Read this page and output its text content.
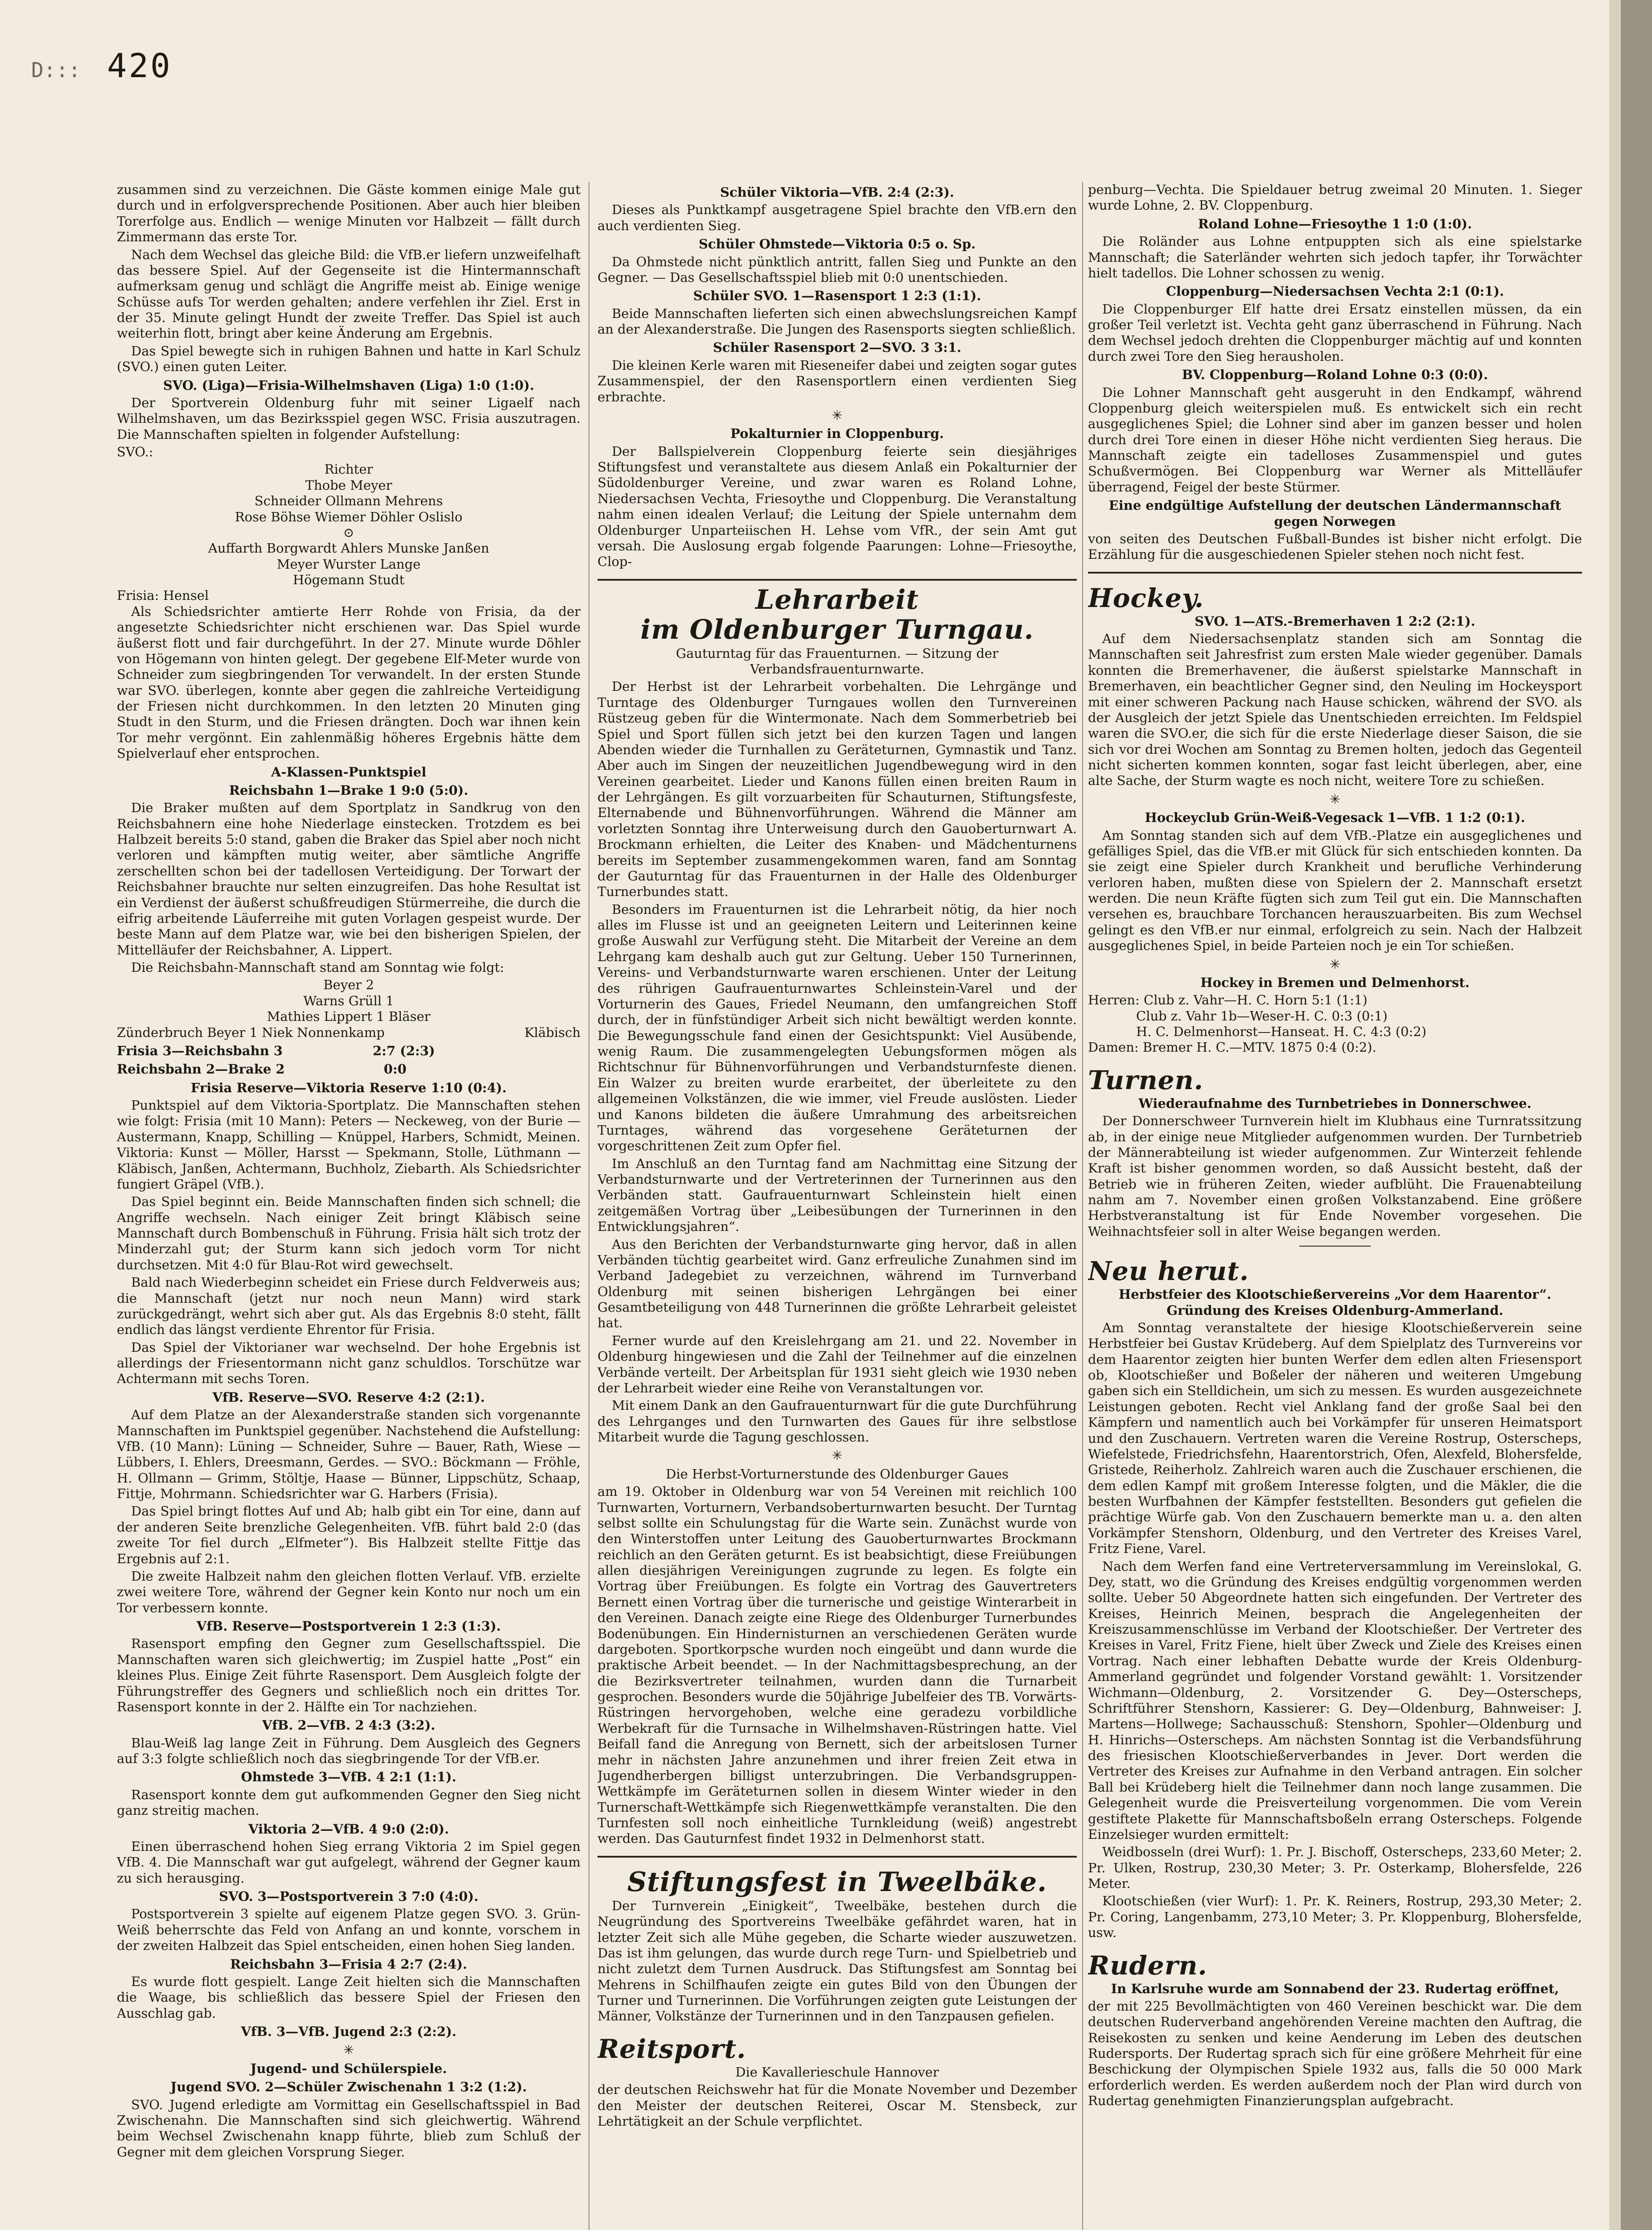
D::: 420

zusammen sind zu verzeichnen. Die Gäste kommen einige Male gut durch und in erfolgversprechende Positionen. Aber auch hier bleiben Torerfolge aus. Endlich — wenige Minuten vor Halbzeit — fällt durch Zimmermann das erste Tor.

Nach dem Wechsel das gleiche Bild: die VfB.er liefern unzweifelhaft das bessere Spiel. Auf der Gegenseite ist die Hintermannschaft aufmerksam genug und schlägt die Angriffe meist ab. Einige wenige Schüsse aufs Tor werden gehalten; andere verfehlen ihr Ziel. Erst in der 35. Minute gelingt Hundt der zweite Treffer. Das Spiel ist auch weiterhin flott, bringt aber keine Änderung am Ergebnis.

Das Spiel bewegte sich in ruhigen Bahnen und hatte in Karl Schulz (SVO.) einen guten Leiter.

SVO. (Liga)—Frisia-Wilhelmshaven (Liga) 1:0 (1:0).

Der Sportverein Oldenburg fuhr mit seiner Ligaelf nach Wilhelmshaven, um das Bezirksspiel gegen WSC. Frisia auszutragen. Die Mannschaften spielten in folgender Aufstellung:

SVO.:

Richter
Thobe Meyer
Schneider Ollmann Mehrens
Rose Böhse Wiemer Döhler Oslislo
⊙
Auffarth Borgwardt Ahlers Munske Janßen
Meyer Wurster Lange
Högemann Studt
Frisia: Hensel

Als Schiedsrichter amtierte Herr Rohde von Frisia, da der angesetzte Schiedsrichter nicht erschienen war. Das Spiel wurde äußerst flott und fair durchgeführt. In der 27. Minute wurde Döhler von Högemann von hinten gelegt. Der gegebene Elf-Meter wurde von Schneider zum siegbringenden Tor verwandelt. In der ersten Stunde war SVO. überlegen, konnte aber gegen die zahlreiche Verteidigung der Friesen nicht durchkommen. In den letzten 20 Minuten ging Studt in den Sturm, und die Friesen drängten. Doch war ihnen kein Tor mehr vergönnt. Ein zahlenmäßig höheres Ergebnis hätte dem Spielverlauf eher entsprochen.

A-Klassen-Punktspiel
Reichsbahn 1—Brake 1 9:0 (5:0).

Die Braker mußten auf dem Sportplatz in Sandkrug von den Reichsbahnern eine hohe Niederlage einstecken. Trotzdem es bei Halbzeit bereits 5:0 stand, gaben die Braker das Spiel aber noch nicht verloren und kämpften mutig weiter, aber sämtliche Angriffe zerschellten schon bei der tadellosen Verteidigung. Der Torwart der Reichsbahner brauchte nur selten einzugreifen. Das hohe Resultat ist ein Verdienst der äußerst schußfreudigen Stürmerreihe, die durch die eifrig arbeitende Läuferreihe mit guten Vorlagen gespeist wurde. Der beste Mann auf dem Platze war, wie bei den bisherigen Spielen, der Mittelläufer der Reichsbahner, A. Lippert.

Die Reichsbahn-Mannschaft stand am Sonntag wie folgt:

Beyer 2
Warns Grüll 1
Mathies Lippert 1 Bläser
Zünderbruch Beyer 1 Niek Nonnenkamp	Kläbisch
Frisia 3—Reichsbahn 3                    2:7 (2:3)
Reichsbahn 2—Brake 2                      0:0
Frisia Reserve—Viktoria Reserve 1:10 (0:4).

Punktspiel auf dem Viktoria-Sportplatz. Die Mannschaften stehen wie folgt: Frisia (mit 10 Mann): Peters — Neckeweg, von der Burie — Austermann, Knapp, Schilling — Knüppel, Harbers, Schmidt, Meinen. Viktoria: Kunst — Möller, Harsst — Spekmann, Stolle, Lüthmann — Kläbisch, Janßen, Achtermann, Buchholz, Ziebarth. Als Schiedsrichter fungiert Gräpel (VfB.).

Das Spiel beginnt ein. Beide Mannschaften finden sich schnell; die Angriffe wechseln. Nach einiger Zeit bringt Kläbisch seine Mannschaft durch Bombenschuß in Führung. Frisia hält sich trotz der Minderzahl gut; der Sturm kann sich jedoch vorm Tor nicht durchsetzen. Mit 4:0 für Blau-Rot wird gewechselt.

Bald nach Wiederbeginn scheidet ein Friese durch Feldverweis aus; die Mannschaft (jetzt nur noch neun Mann) wird stark zurückgedrängt, wehrt sich aber gut. Als das Ergebnis 8:0 steht, fällt endlich das längst verdiente Ehrentor für Frisia.

Das Spiel der Viktorianer war wechselnd. Der hohe Ergebnis ist allerdings der Friesentormann nicht ganz schuldlos. Torschütze war Achtermann mit sechs Toren.

VfB. Reserve—SVO. Reserve 4:2 (2:1).

Auf dem Platze an der Alexanderstraße standen sich vorgenannte Mannschaften im Punktspiel gegenüber. Nachstehend die Aufstellung: VfB. (10 Mann): Lüning — Schneider, Suhre — Bauer, Rath, Wiese — Lübbers, I. Ehlers, Dreesmann, Gerdes. — SVO.: Böckmann — Fröhle, H. Ollmann — Grimm, Stöltje, Haase — Bünner, Lippschütz, Schaap, Fittje, Mohrmann. Schiedsrichter war G. Harbers (Frisia).

Das Spiel bringt flottes Auf und Ab; halb gibt ein Tor eine, dann auf der anderen Seite brenzliche Gelegenheiten. VfB. führt bald 2:0 (das zweite Tor fiel durch „Elfmeter“). Bis Halbzeit stellte Fittje das Ergebnis auf 2:1.

Die zweite Halbzeit nahm den gleichen flotten Verlauf. VfB. erzielte zwei weitere Tore, während der Gegner kein Konto nur noch um ein Tor verbessern konnte.

VfB. Reserve—Postsportverein 1 2:3 (1:3).

Rasensport empfing den Gegner zum Gesellschaftsspiel. Die Mannschaften waren sich gleichwertig; im Zuspiel hatte „Post“ ein kleines Plus. Einige Zeit führte Rasensport. Dem Ausgleich folgte der Führungstreffer des Gegners und schließlich noch ein drittes Tor. Rasensport konnte in der 2. Hälfte ein Tor nachziehen.

VfB. 2—VfB. 2 4:3 (3:2).

Blau-Weiß lag lange Zeit in Führung. Dem Ausgleich des Gegners auf 3:3 folgte schließlich noch das siegbringende Tor der VfB.er.

Ohmstede 3—VfB. 4 2:1 (1:1).

Rasensport konnte dem gut aufkommenden Gegner den Sieg nicht ganz streitig machen.

Viktoria 2—VfB. 4 9:0 (2:0).

Einen überraschend hohen Sieg errang Viktoria 2 im Spiel gegen VfB. 4. Die Mannschaft war gut aufgelegt, während der Gegner kaum zu sich herausging.

SVO. 3—Postsportverein 3 7:0 (4:0).

Postsportverein 3 spielte auf eigenem Platze gegen SVO. 3. Grün-Weiß beherrschte das Feld von Anfang an und konnte, vorschem in der zweiten Halbzeit das Spiel entscheiden, einen hohen Sieg landen.

Reichsbahn 3—Frisia 4 2:7 (2:4).

Es wurde flott gespielt. Lange Zeit hielten sich die Mannschaften die Waage, bis schließlich das bessere Spiel der Friesen den Ausschlag gab.

VfB. 3—VfB. Jugend 2:3 (2:2).
✳
Jugend- und Schülerspiele.
Jugend SVO. 2—Schüler Zwischenahn 1 3:2 (1:2).

SVO. Jugend erledigte am Vormittag ein Gesellschaftsspiel in Bad Zwischenahn. Die Mannschaften sind sich gleichwertig. Während beim Wechsel Zwischenahn knapp führte, blieb zum Schluß der Gegner mit dem gleichen Vorsprung Sieger.

Schüler Viktoria—VfB. 2:4 (2:3).

Dieses als Punktkampf ausgetragene Spiel brachte den VfB.ern den auch verdienten Sieg.

Schüler Ohmstede—Viktoria 0:5 o. Sp.

Da Ohmstede nicht pünktlich antritt, fallen Sieg und Punkte an den Gegner. — Das Gesellschaftsspiel blieb mit 0:0 unentschieden.

Schüler SVO. 1—Rasensport 1 2:3 (1:1).

Beide Mannschaften lieferten sich einen abwechslungsreichen Kampf an der Alexanderstraße. Die Jungen des Rasensports siegten schließlich.

Schüler Rasensport 2—SVO. 3 3:1.

Die kleinen Kerle waren mit Rieseneifer dabei und zeigten sogar gutes Zusammenspiel, der den Rasensportlern einen verdienten Sieg erbrachte.

✳
Pokalturnier in Cloppenburg.

Der Ballspielverein Cloppenburg feierte sein diesjähriges Stiftungsfest und veranstaltete aus diesem Anlaß ein Pokalturnier der Südoldenburger Vereine, und zwar waren es Roland Lohne, Niedersachsen Vechta, Friesoythe und Cloppenburg. Die Veranstaltung nahm einen idealen Verlauf; die Leitung der Spiele unternahm dem Oldenburger Unparteiischen H. Lehse vom VfR., der sein Amt gut versah. Die Auslosung ergab folgende Paarungen: Lohne—Friesoythe, Clop-

Lehrarbeit
im Oldenburger Turngau.
Gauturntag für das Frauenturnen. — Sitzung der Verbandsfrauenturnwarte.

Der Herbst ist der Lehrarbeit vorbehalten. Die Lehrgänge und Turntage des Oldenburger Turngaues wollen den Turnvereinen Rüstzeug geben für die Wintermonate. Nach dem Sommerbetrieb bei Spiel und Sport füllen sich jetzt bei den kurzen Tagen und langen Abenden wieder die Turnhallen zu Geräteturnen, Gymnastik und Tanz. Aber auch im Singen der neuzeitlichen Jugendbewegung wird in den Vereinen gearbeitet. Lieder und Kanons füllen einen breiten Raum in der Lehrgängen. Es gilt vorzuarbeiten für Schauturnen, Stiftungsfeste, Elternabende und Bühnenvorführungen. Während die Männer am vorletzten Sonntag ihre Unterweisung durch den Gauoberturnwart A. Brockmann erhielten, die Leiter des Knaben- und Mädchenturnens bereits im September zusammengekommen waren, fand am Sonntag der Gauturntag für das Frauenturnen in der Halle des Oldenburger Turnerbundes statt.

Besonders im Frauenturnen ist die Lehrarbeit nötig, da hier noch alles im Flusse ist und an geeigneten Leitern und Leiterinnen keine große Auswahl zur Verfügung steht. Die Mitarbeit der Vereine an dem Lehrgang kam deshalb auch gut zur Geltung. Ueber 150 Turnerinnen, Vereins- und Verbandsturnwarte waren erschienen. Unter der Leitung des rührigen Gaufrauenturnwartes Schleinstein-Varel und der Vorturnerin des Gaues, Friedel Neumann, den umfangreichen Stoff durch, der in fünfstündiger Arbeit sich nicht bewältigt werden konnte. Die Bewegungsschule fand einen der Gesichtspunkt: Viel Ausübende, wenig Raum. Die zusammengelegten Uebungsformen mögen als Richtschnur für Bühnenvorführungen und Verbandsturnfeste dienen. Ein Walzer zu breiten wurde erarbeitet, der überleitete zu den allgemeinen Volkstänzen, die wie immer, viel Freude auslösten. Lieder und Kanons bildeten die äußere Umrahmung des arbeitsreichen Turntages, während das vorgesehene Geräteturnen der vorgeschrittenen Zeit zum Opfer fiel.

Im Anschluß an den Turntag fand am Nachmittag eine Sitzung der Verbandsturnwarte und der Vertreterinnen der Turnerinnen aus den Verbänden statt. Gaufrauenturnwart Schleinstein hielt einen zeitgemäßen Vortrag über „Leibesübungen der Turnerinnen in den Entwicklungsjahren“.

Aus den Berichten der Verbandsturnwarte ging hervor, daß in allen Verbänden tüchtig gearbeitet wird. Ganz erfreuliche Zunahmen sind im Verband Jadegebiet zu verzeichnen, während im Turnverband Oldenburg mit seinen bisherigen Lehrgängen bei einer Gesamtbeteiligung von 448 Turnerinnen die größte Lehrarbeit geleistet hat.

Ferner wurde auf den Kreislehrgang am 21. und 22. November in Oldenburg hingewiesen und die Zahl der Teilnehmer auf die einzelnen Verbände verteilt. Der Arbeitsplan für 1931 sieht gleich wie 1930 neben der Lehrarbeit wieder eine Reihe von Veranstaltungen vor.

Mit einem Dank an den Gaufrauenturnwart für die gute Durchführung des Lehrganges und den Turnwarten des Gaues für ihre selbstlose Mitarbeit wurde die Tagung geschlossen.

✳
Die Herbst-Vorturnerstunde des Oldenburger Gaues

am 19. Oktober in Oldenburg war von 54 Vereinen mit reichlich 100 Turnwarten, Vorturnern, Verbandsoberturnwarten besucht. Der Turntag selbst sollte ein Schulungstag für die Warte sein. Zunächst wurde von den Winterstoffen unter Leitung des Gauoberturnwartes Brockmann reichlich an den Geräten geturnt. Es ist beabsichtigt, diese Freiübungen allen diesjährigen Vereinigungen zugrunde zu legen. Es folgte ein Vortrag über Freiübungen. Es folgte ein Vortrag des Gauvertreters Bernett einen Vortrag über die turnerische und geistige Winterarbeit in den Vereinen. Danach zeigte eine Riege des Oldenburger Turnerbundes Bodenübungen. Ein Hindernisturnen an verschiedenen Geräten wurde dargeboten. Sportkorpsche wurden noch eingeübt und dann wurde die praktische Arbeit beendet. — In der Nachmittagsbesprechung, an der die Bezirksvertreter teilnahmen, wurden dann die Turnarbeit gesprochen. Besonders wurde die 50jährige Jubelfeier des TB. Vorwärts-Rüstringen hervorgehoben, welche eine geradezu vorbildliche Werbekraft für die Turnsache in Wilhelmshaven-Rüstringen hatte. Viel Beifall fand die Anregung von Bernett, sich der arbeitslosen Turner mehr in nächsten Jahre anzunehmen und ihrer freien Zeit etwa in Jugendherbergen billigst unterzubringen. Die Verbandsgruppen-Wettkämpfe im Geräteturnen sollen in diesem Winter wieder in den Turnerschaft-Wettkämpfe sich Riegenwettkämpfe veranstalten. Die den Turnfesten soll noch einheitliche Turnkleidung (weiß) angestrebt werden. Das Gauturnfest findet 1932 in Delmenhorst statt.

Stiftungsfest in Tweelbäke.

Der Turnverein „Einigkeit“, Tweelbäke, bestehen durch die Neugründung des Sportvereins Tweelbäke gefährdet waren, hat in letzter Zeit sich alle Mühe gegeben, die Scharte wieder auszuwetzen. Das ist ihm gelungen, das wurde durch rege Turn- und Spielbetrieb und nicht zuletzt dem Turnen Ausdruck. Das Stiftungsfest am Sonntag bei Mehrens in Schilfhaufen zeigte ein gutes Bild von den Übungen der Turner und Turnerinnen. Die Vorführungen zeigten gute Leistungen der Männer, Volkstänze der Turnerinnen und in den Tanzpausen gefielen.

Reitsport.
Die Kavallerieschule Hannover

der deutschen Reichswehr hat für die Monate November und Dezember den Meister der deutschen Reiterei, Oscar M. Stensbeck, zur Lehrtätigkeit an der Schule verpflichtet.

penburg—Vechta. Die Spieldauer betrug zweimal 20 Minuten. 1. Sieger wurde Lohne, 2. BV. Cloppenburg.

Roland Lohne—Friesoythe 1 1:0 (1:0).

Die Roländer aus Lohne entpuppten sich als eine spielstarke Mannschaft; die Saterländer wehrten sich jedoch tapfer, ihr Torwächter hielt tadellos. Die Lohner schossen zu wenig.

Cloppenburg—Niedersachsen Vechta 2:1 (0:1).

Die Cloppenburger Elf hatte drei Ersatz einstellen müssen, da ein großer Teil verletzt ist. Vechta geht ganz überraschend in Führung. Nach dem Wechsel jedoch drehten die Cloppenburger mächtig auf und konnten durch zwei Tore den Sieg herausholen.

BV. Cloppenburg—Roland Lohne 0:3 (0:0).

Die Lohner Mannschaft geht ausgeruht in den Endkampf, während Cloppenburg gleich weiterspielen muß. Es entwickelt sich ein recht ausgeglichenes Spiel; die Lohner sind aber im ganzen besser und holen durch drei Tore einen in dieser Höhe nicht verdienten Sieg heraus. Die Mannschaft zeigte ein tadelloses Zusammenspiel und gutes Schußvermögen. Bei Cloppenburg war Werner als Mittelläufer überragend, Feigel der beste Stürmer.

Eine endgültige Aufstellung der deutschen Ländermannschaft gegen Norwegen

von seiten des Deutschen Fußball-Bundes ist bisher nicht erfolgt. Die Erzählung für die ausgeschiedenen Spieler stehen noch nicht fest.

Hockey.
SVO. 1—ATS.-Bremerhaven 1 2:2 (2:1).

Auf dem Niedersachsenplatz standen sich am Sonntag die Mannschaften seit Jahresfrist zum ersten Male wieder gegenüber. Damals konnten die Bremerhavener, die äußerst spielstarke Mannschaft in Bremerhaven, ein beachtlicher Gegner sind, den Neuling im Hockeysport mit einer schweren Packung nach Hause schicken, während der SVO. als der Ausgleich der jetzt Spiele das Unentschieden erreichten. Im Feldspiel waren die SVO.er, die sich für die erste Niederlage dieser Saison, die sie sich vor drei Wochen am Sonntag zu Bremen holten, jedoch das Gegenteil nicht sicherten kommen konnten, sogar fast leicht überlegen, aber, eine alte Sache, der Sturm wagte es noch nicht, weitere Tore zu schießen.

✳
Hockeyclub Grün-Weiß-Vegesack 1—VfB. 1 1:2 (0:1).

Am Sonntag standen sich auf dem VfB.-Platze ein ausgeglichenes und gefälliges Spiel, das die VfB.er mit Glück für sich entschieden konnten. Da sie zeigt eine Spieler durch Krankheit und berufliche Verhinderung verloren haben, mußten diese von Spielern der 2. Mannschaft ersetzt werden. Die neun Kräfte fügten sich zum Teil gut ein. Die Mannschaften versehen es, brauchbare Torchancen herauszuarbeiten. Bis zum Wechsel gelingt es den VfB.er nur einmal, erfolgreich zu sein. Nach der Halbzeit ausgeglichenes Spiel, in beide Parteien noch je ein Tor schießen.

✳
Hockey in Bremen und Delmenhorst.

Herren: Club z. Vahr—H. C. Horn 5:1 (1:1)

Club z. Vahr 1b—Weser-H. C. 0:3 (0:1)

H. C. Delmenhorst—Hanseat. H. C. 4:3 (0:2)

Damen: Bremer H. C.—MTV. 1875 0:4 (0:2).

Turnen.
Wiederaufnahme des Turnbetriebes in Donnerschwee.

Der Donnerschweer Turnverein hielt im Klubhaus eine Turnratssitzung ab, in der einige neue Mitglieder aufgenommen wurden. Der Turnbetrieb der Männerabteilung ist wieder aufgenommen. Zur Winterzeit fehlende Kraft ist bisher genommen worden, so daß Aussicht besteht, daß der Betrieb wie in früheren Zeiten, wieder aufblüht. Die Frauenabteilung nahm am 7. November einen großen Volkstanzabend. Eine größere Herbstveranstaltung ist für Ende November vorgesehen. Die Weihnachtsfeier soll in alter Weise begangen werden.

Neu herut.
Herbstfeier des Klootschießervereins „Vor dem Haarentor“. Gründung des Kreises Oldenburg-Ammerland.

Am Sonntag veranstaltete der hiesige Klootschießerverein seine Herbstfeier bei Gustav Krüdeberg. Auf dem Spielplatz des Turnvereins vor dem Haarentor zeigten hier bunten Werfer dem edlen alten Friesensport ob, Klootschießer und Boßeler der näheren und weiteren Umgebung gaben sich ein Stelldichein, um sich zu messen. Es wurden ausgezeichnete Leistungen geboten. Recht viel Anklang fand der große Saal bei den Kämpfern und namentlich auch bei Vorkämpfer für unseren Heimatsport und den Zuschauern. Vertreten waren die Vereine Rostrup, Osterscheps, Wiefelstede, Friedrichsfehn, Haarentorstrich, Ofen, Alexfeld, Blohersfelde, Gristede, Reiherholz. Zahlreich waren auch die Zuschauer erschienen, die dem edlen Kampf mit großem Interesse folgten, und die Mäkler, die die besten Wurfbahnen der Kämpfer feststellten. Besonders gut gefielen die prächtige Würfe gab. Von den Zuschauern bemerkte man u. a. den alten Vorkämpfer Stenshorn, Oldenburg, und den Vertreter des Kreises Varel, Fritz Fiene, Varel.

Nach dem Werfen fand eine Vertreterversammlung im Vereinslokal, G. Dey, statt, wo die Gründung des Kreises endgültig vorgenommen werden sollte. Ueber 50 Abgeordnete hatten sich eingefunden. Der Vertreter des Kreises, Heinrich Meinen, besprach die Angelegenheiten der Kreiszusammenschlüsse im Verband der Klootschießer. Der Vertreter des Kreises in Varel, Fritz Fiene, hielt über Zweck und Ziele des Kreises einen Vortrag. Nach einer lebhaften Debatte wurde der Kreis Oldenburg-Ammerland gegründet und folgender Vorstand gewählt: 1. Vorsitzender Wichmann—Oldenburg, 2. Vorsitzender G. Dey—Osterscheps, Schriftführer Stenshorn, Kassierer: G. Dey—Oldenburg, Bahnweiser: J. Martens—Hollwege; Sachausschuß: Stenshorn, Spohler—Oldenburg und H. Hinrichs—Osterscheps. Am nächsten Sonntag ist die Verbandsführung des friesischen Klootschießerverbandes in Jever. Dort werden die Vertreter des Kreises zur Aufnahme in den Verband antragen. Ein solcher Ball bei Krüdeberg hielt die Teilnehmer dann noch lange zusammen. Die Gelegenheit wurde die Preisverteilung vorgenommen. Die vom Verein gestiftete Plakette für Mannschaftsboßeln errang Osterscheps. Folgende Einzelsieger wurden ermittelt:

Weidbosseln (drei Wurf): 1. Pr. J. Bischoff, Osterscheps, 233,60 Meter; 2. Pr. Ulken, Rostrup, 230,30 Meter; 3. Pr. Osterkamp, Blohersfelde, 226 Meter.

Klootschießen (vier Wurf): 1. Pr. K. Reiners, Rostrup, 293,30 Meter; 2. Pr. Coring, Langenbamm, 273,10 Meter; 3. Pr. Kloppenburg, Blohersfelde, usw.

Rudern.
In Karlsruhe wurde am Sonnabend der 23. Rudertag eröffnet,

der mit 225 Bevollmächtigten von 460 Vereinen beschickt war. Die dem deutschen Ruderverband angehörenden Vereine machten den Auftrag, die Reisekosten zu senken und keine Aenderung im Leben des deutschen Rudersports. Der Rudertag sprach sich für eine größere Mehrheit für eine Beschickung der Olympischen Spiele 1932 aus, falls die 50 000 Mark erforderlich werden. Es werden außerdem noch der Plan wird durch von Rudertag genehmigten Finanzierungsplan aufgebracht.
